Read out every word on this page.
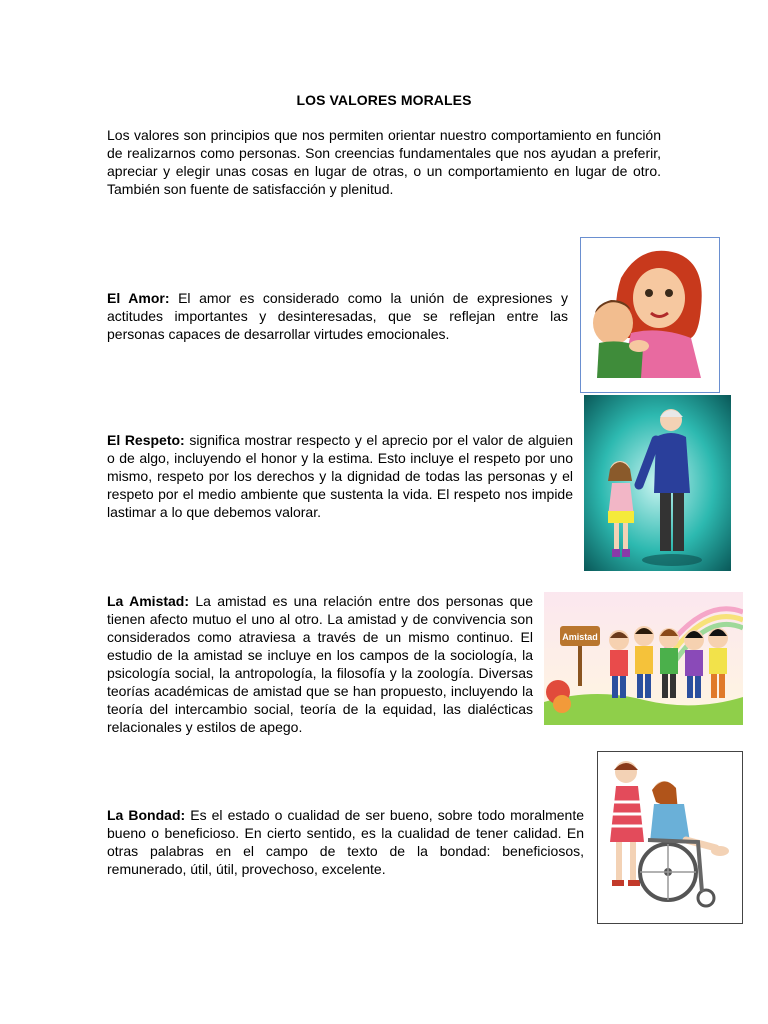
LOS VALORES MORALES
Los valores son principios que nos permiten orientar nuestro comportamiento en función de realizarnos como personas. Son creencias fundamentales que nos ayudan a preferir, apreciar y elegir unas cosas en lugar de otras, o un comportamiento en lugar de otro. También son fuente de satisfacción y plenitud.
El Amor: El amor es considerado como la unión de expresiones y actitudes importantes y desinteresadas, que se reflejan entre las personas capaces de desarrollar virtudes emocionales.
El Respeto: significa mostrar respecto y el aprecio por el valor de alguien o de algo, incluyendo el honor y la estima. Esto incluye el respeto por uno mismo, respeto por los derechos y la dignidad de todas las personas y el respeto por el medio ambiente que sustenta la vida. El respeto nos impide lastimar a lo que debemos valorar.
La Amistad: La amistad es una relación entre dos personas que tienen afecto mutuo el uno al otro. La amistad y de convivencia son considerados como atraviesa a través de un mismo continuo. El estudio de la amistad se incluye en los campos de la sociología, la psicología social, la antropología, la filosofía y la zoología. Diversas teorías académicas de amistad que se han propuesto, incluyendo la teoría del intercambio social, teoría de la equidad, las dialécticas relacionales y estilos de apego.
La Bondad: Es el estado o cualidad de ser bueno, sobre todo moralmente bueno o beneficioso. En cierto sentido, es la cualidad de tener calidad. En otras palabras en el campo de texto de la bondad: beneficiosos, remunerado, útil, útil, provechoso, excelente.
Amistad
